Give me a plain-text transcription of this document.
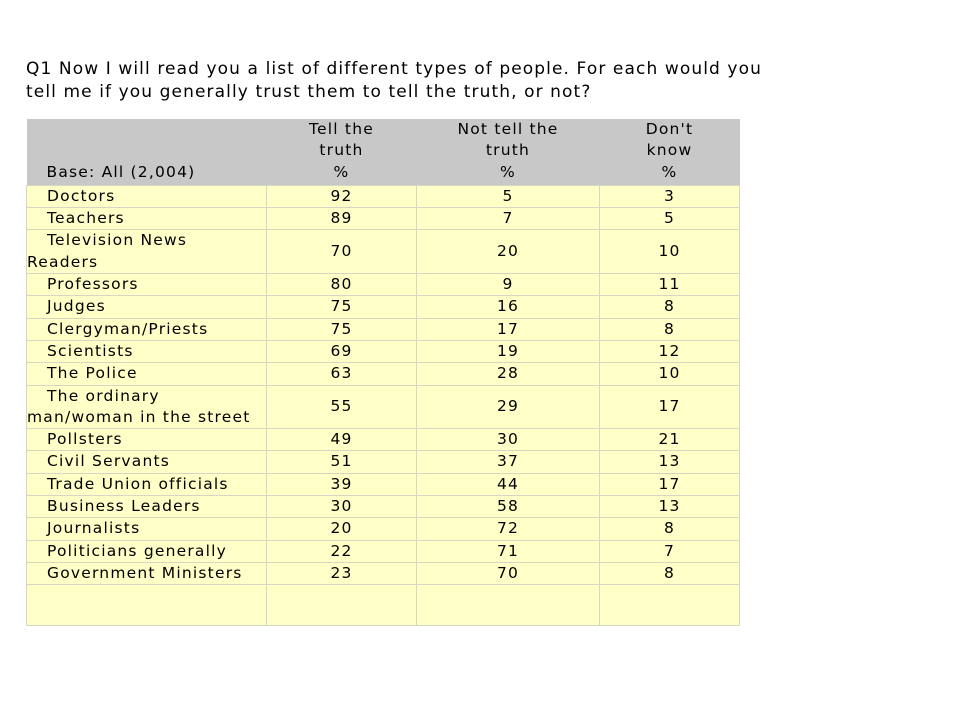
Q1 Now I will read you a list of different types of people. For each would you
tell me if you generally trust them to tell the truth, or not?
Base: All (2,004)	Tell the
truth
%	Not tell the
truth
%	Don't
know
%
Doctors	92	5	3
Teachers	89	7	5
Television News Readers	70	20	10
Professors	80	9	11
Judges	75	16	8
Clergyman/Priests	75	17	8
Scientists	69	19	12
The Police	63	28	10
The ordinary man/woman in the street	55	29	17
Pollsters	49	30	21
Civil Servants	51	37	13
Trade Union officials	39	44	17
Business Leaders	30	58	13
Journalists	20	72	8
Politicians generally	22	71	7
Government Ministers	23	70	8
